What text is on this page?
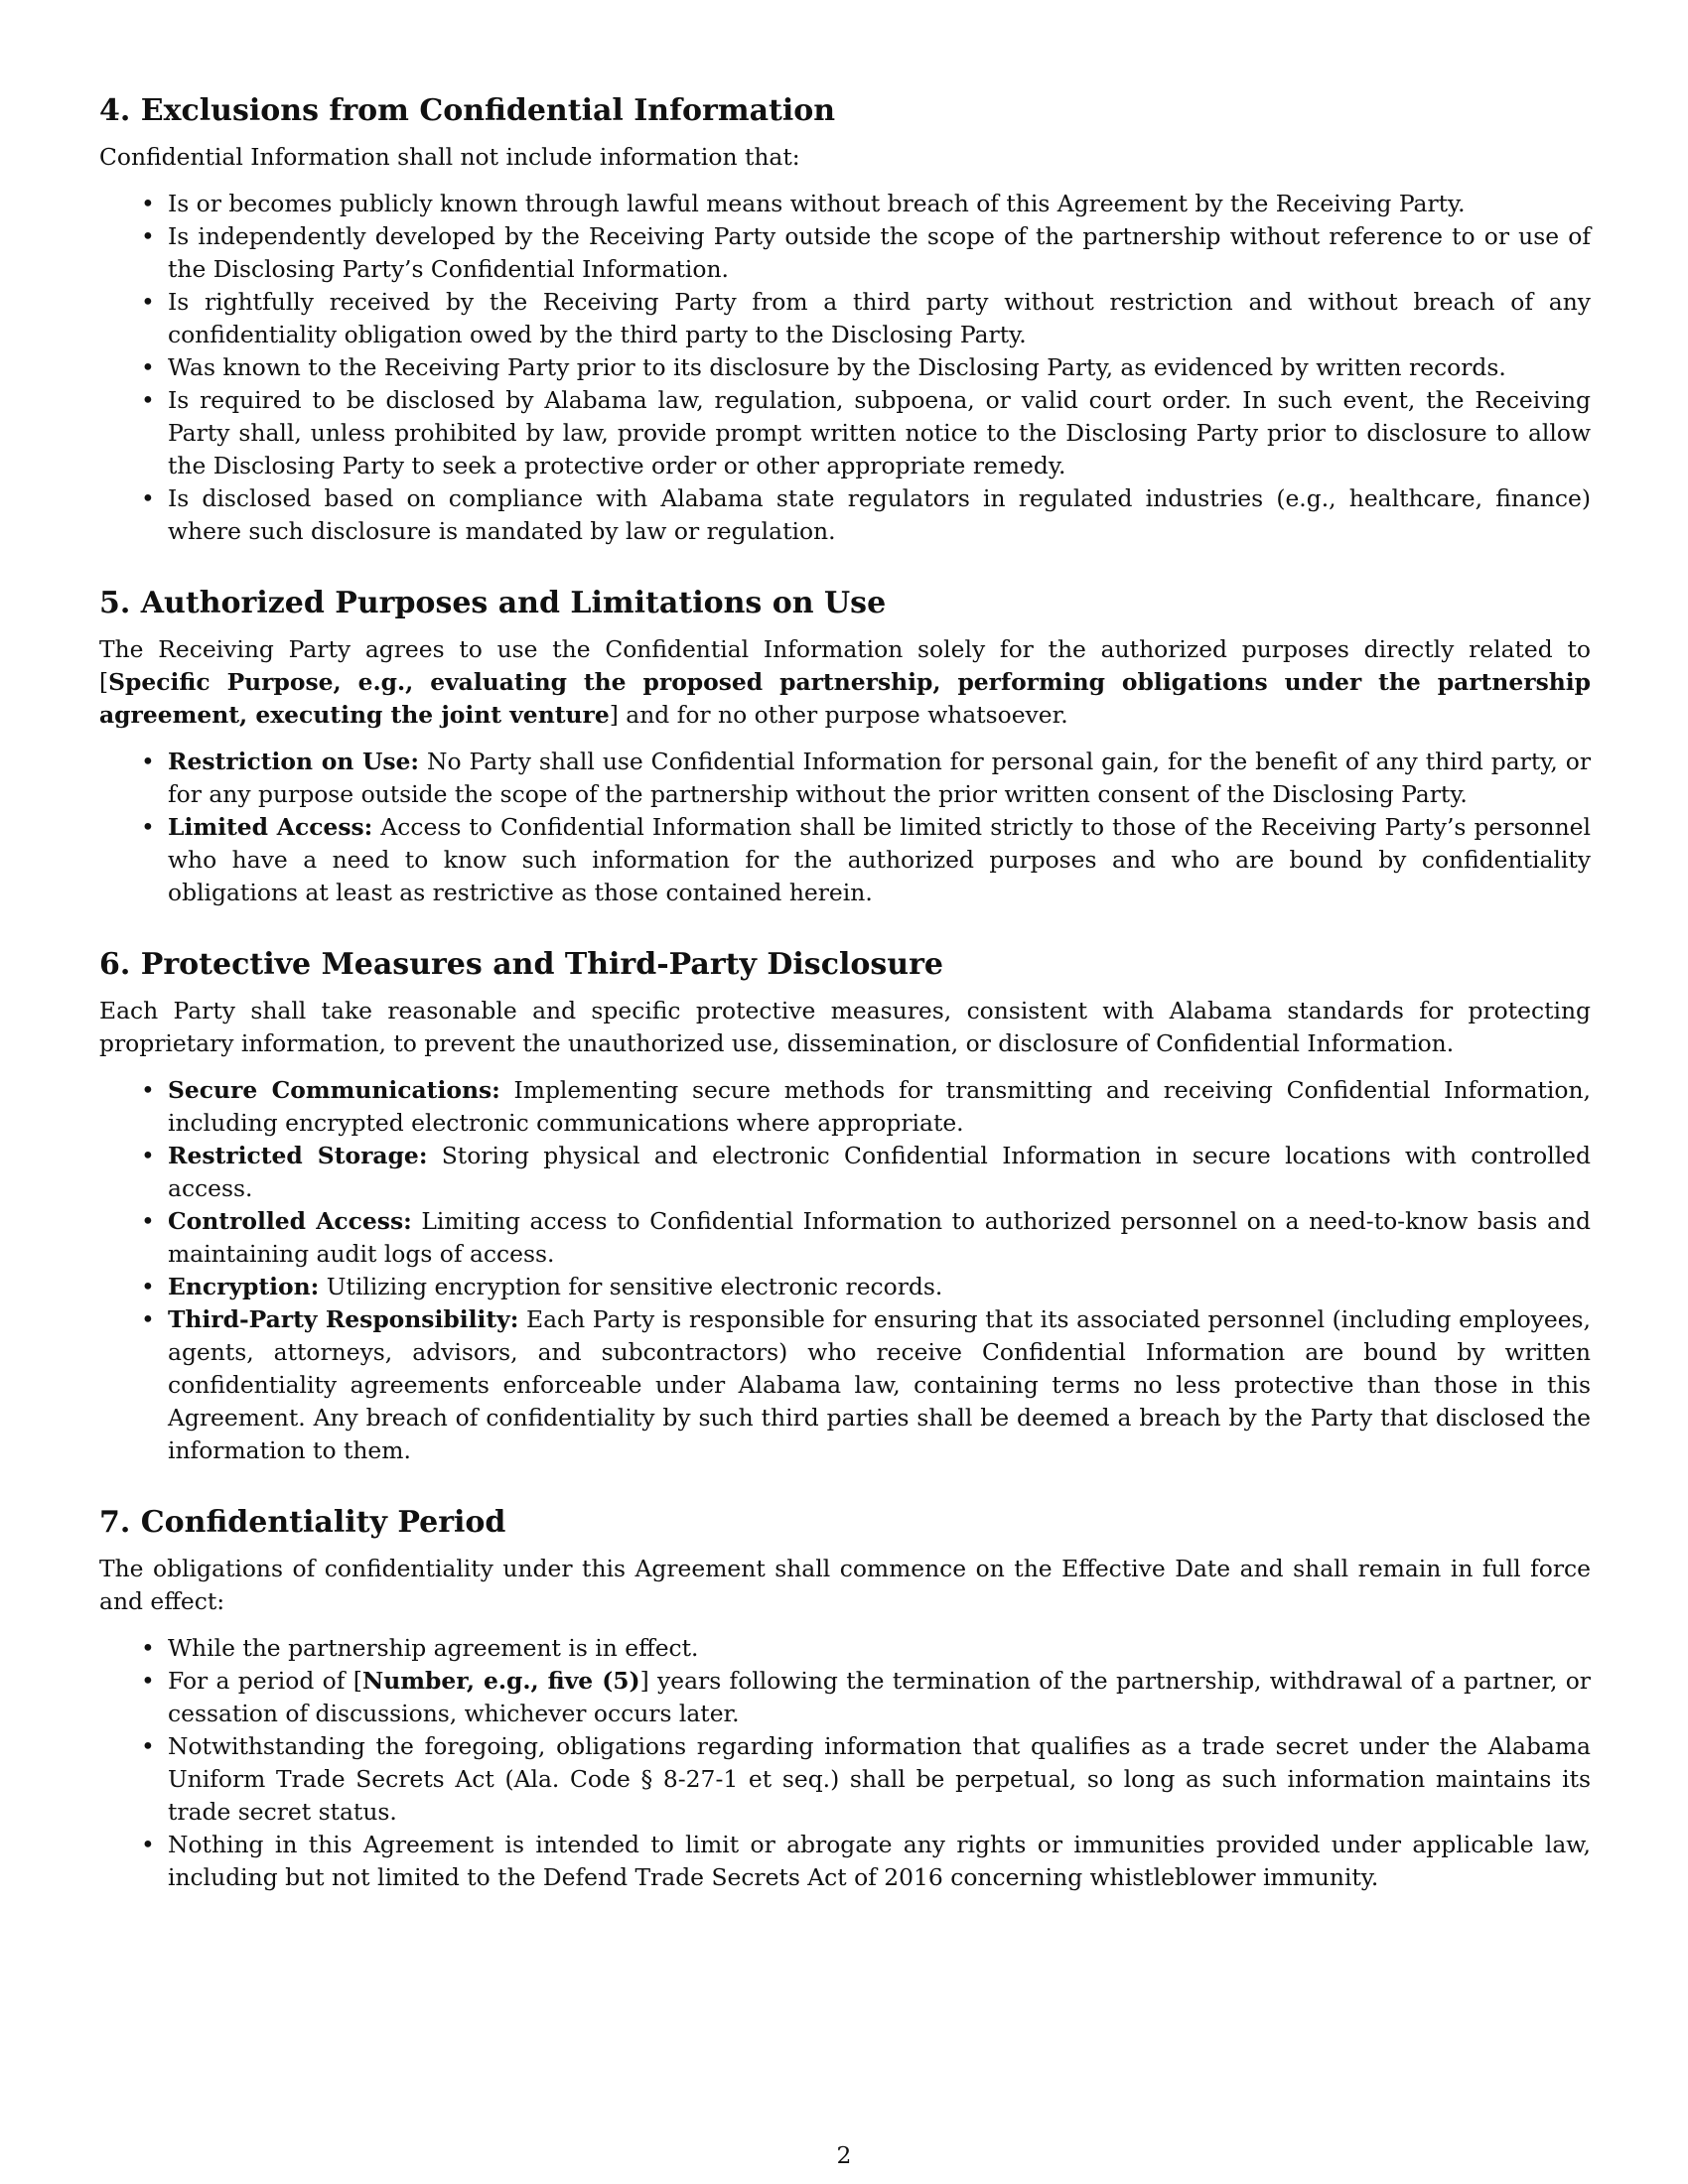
4. Exclusions from Confidential Information

Confidential Information shall not include information that:

• Is or becomes publicly known through lawful means without breach of this Agreement by the Receiving Party.
• Is independently developed by the Receiving Party outside the scope of the partnership without reference to or use of the Disclosing Party’s Confidential Information.
• Is rightfully received by the Receiving Party from a third party without restriction and without breach of any confidentiality obligation owed by the third party to the Disclosing Party.
• Was known to the Receiving Party prior to its disclosure by the Disclosing Party, as evidenced by written records.
• Is required to be disclosed by Alabama law, regulation, subpoena, or valid court order. In such event, the Receiving Party shall, unless prohibited by law, provide prompt written notice to the Disclosing Party prior to disclosure to allow the Disclosing Party to seek a protective order or other appropriate remedy.
• Is disclosed based on compliance with Alabama state regulators in regulated industries (e.g., healthcare, finance) where such disclosure is mandated by law or regulation.
5. Authorized Purposes and Limitations on Use

The Receiving Party agrees to use the Confidential Information solely for the authorized purposes directly related to [Specific Purpose, e.g., evaluating the proposed partnership, performing obligations under the partnership agreement, executing the joint venture] and for no other purpose whatsoever.

• Restriction on Use: No Party shall use Confidential Information for personal gain, for the benefit of any third party, or for any purpose outside the scope of the partnership without the prior written consent of the Disclosing Party.
• Limited Access: Access to Confidential Information shall be limited strictly to those of the Receiving Party’s personnel who have a need to know such information for the authorized purposes and who are bound by confidentiality obligations at least as restrictive as those contained herein.
6. Protective Measures and Third-Party Disclosure

Each Party shall take reasonable and specific protective measures, consistent with Alabama standards for protecting proprietary information, to prevent the unauthorized use, dissemination, or disclosure of Confidential Information.

• Secure Communications: Implementing secure methods for transmitting and receiving Confidential Information, including encrypted electronic communications where appropriate.
• Restricted Storage: Storing physical and electronic Confidential Information in secure locations with controlled access.
• Controlled Access: Limiting access to Confidential Information to authorized personnel on a need-to-know basis and maintaining audit logs of access.
• Encryption: Utilizing encryption for sensitive electronic records.
• Third-Party Responsibility: Each Party is responsible for ensuring that its associated personnel (including employees, agents, attorneys, advisors, and subcontractors) who receive Confidential Information are bound by written confidentiality agreements enforceable under Alabama law, containing terms no less protective than those in this Agreement. Any breach of confidentiality by such third parties shall be deemed a breach by the Party that disclosed the information to them.
7. Confidentiality Period

The obligations of confidentiality under this Agreement shall commence on the Effective Date and shall remain in full force and effect:

• While the partnership agreement is in effect.
• For a period of [Number, e.g., five (5)] years following the termination of the partnership, withdrawal of a partner, or cessation of discussions, whichever occurs later.
• Notwithstanding the foregoing, obligations regarding information that qualifies as a trade secret under the Alabama Uniform Trade Secrets Act (Ala. Code § 8-27-1 et seq.) shall be perpetual, so long as such information maintains its trade secret status.
• Nothing in this Agreement is intended to limit or abrogate any rights or immunities provided under applicable law, including but not limited to the Defend Trade Secrets Act of 2016 concerning whistleblower immunity.
2
